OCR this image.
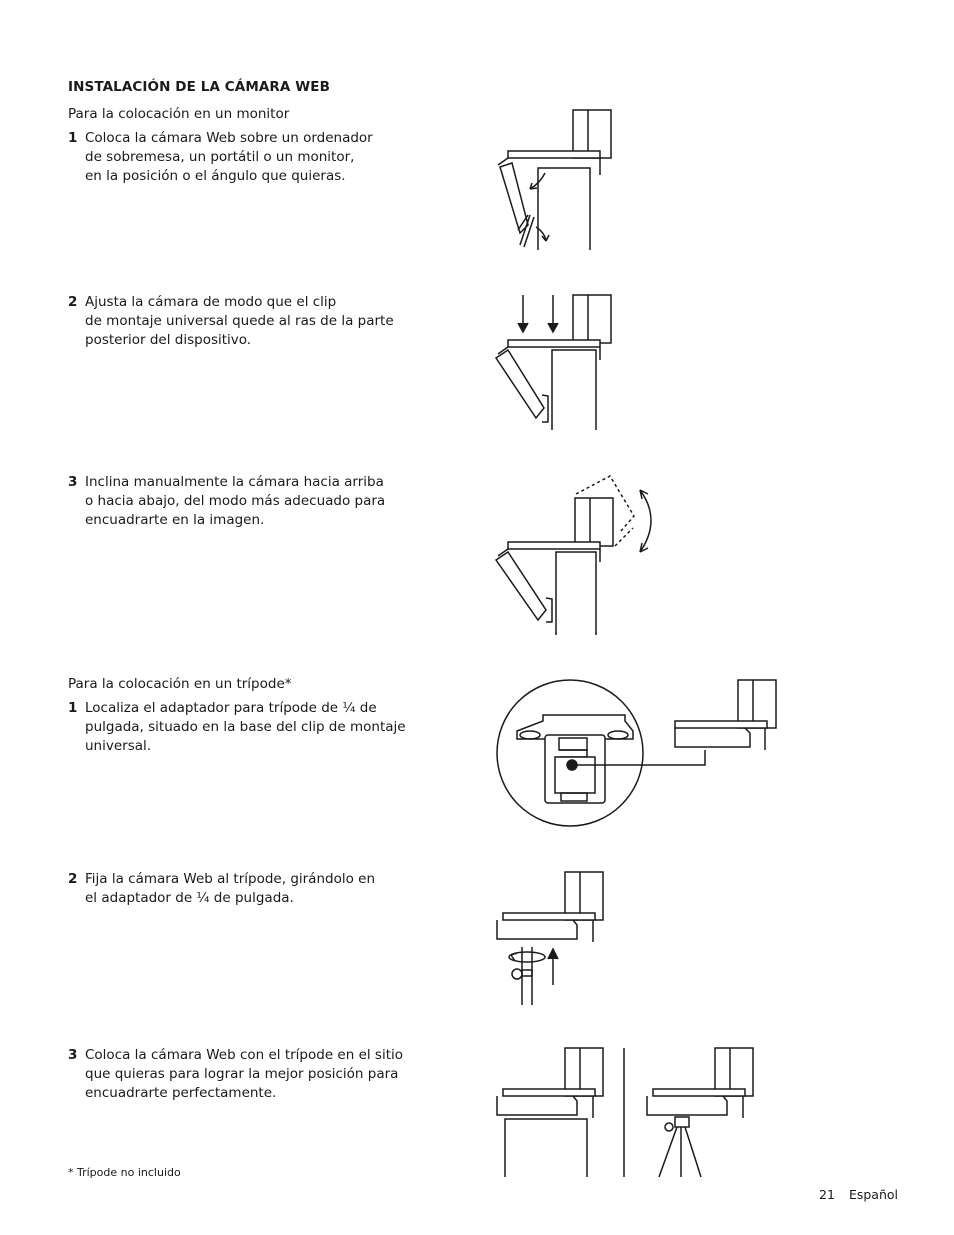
INSTALACIÓN DE LA CÁMARA WEB
Para la colocación en un monitor
1 Coloca la cámara Web sobre un ordenador
de sobremesa, un portátil o un monitor,
en la posición o el ángulo que quieras.
2 Ajusta la cámara de modo que el clip
de montaje universal quede al ras de la parte
posterior del dispositivo.
3 Inclina manualmente la cámara hacia arriba
o hacia abajo, del modo más adecuado para
encuadrarte en la imagen.
Para la colocación en un trípode*
1 Localiza el adaptador para trípode de ¼ de
pulgada, situado en la base del clip de montaje
universal.
2 Fija la cámara Web al trípode, girándolo en
el adaptador de ¼ de pulgada.
3 Coloca la cámara Web con el trípode en el sitio
que quieras para lograr la mejor posición para
encuadrarte perfectamente.
* Trípode no incluido
21 Español
